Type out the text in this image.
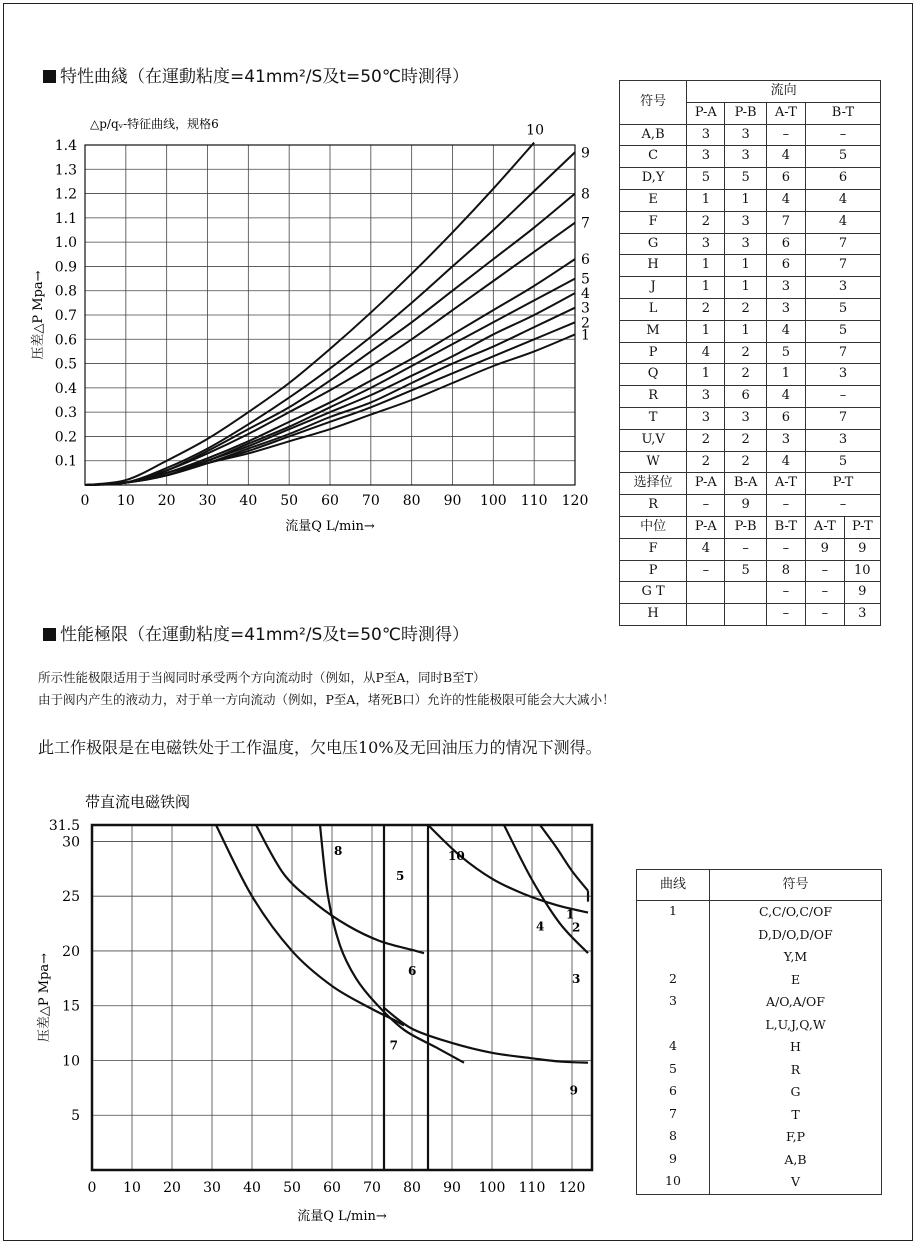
特性曲綫（在運動粘度=41mm²/S及t=50℃時測得）
△p/qᵥ-特征曲线，规格6
0 10 20 30 40 50 60 70 80 90 100 110 120
0.1
0.2
0.3
0.4
0.5
0.6
0.7
0.8
0.9
1.0
1.1
1.2
1.3
1.4
流量Q L/min→
压差△P Mpa→	1
2
3
4
5
6
7
8
9
10
符号	流向				
	P-A	P-B	A-T	B-T	
A,B	3	3	–	–	
C	3	3	4	5	
D,Y	5	5	6	6	
E	1	1	4	4	
F	2	3	7	4	
G	3	3	6	7	
H	1	1	6	7	
J	1	1	3	3	
L	2	2	3	5	
M	1	1	4	5	
P	4	2	5	7	
Q	1	2	1	3	
R	3	6	4	–	
T	3	3	6	7	
U,V	2	2	3	3	
W	2	2	4	5	
选择位	P-A	B-A	A-T	P-T	
R	–	9	–	–	
中位	P-A	P-B	B-T	A-T	P-T
F	4	–	–	9	9
P	–	5	8	–	10
G T			–	–	9
H			–	–	3
性能極限（在運動粘度=41mm²/S及t=50℃時測得）
所示性能极限适用于当阀同时承受两个方向流动时（例如，从P至A，同时B至T）
由于阀内产生的液动力，对于单一方向流动（例如，P至A，堵死B口）允许的性能极限可能会大大减小！
此工作极限是在电磁铁处于工作温度，欠电压10%及无回油压力的情况下测得。
带直流电磁铁阀
0 10 20 30 40 50 60 70 80 90 100 110 120
5
10
15
20
25
30
31.5
流量Q L/min→
压差△P Mpa→
1
2
3
4
5
6
7
8
9
10
曲线	符号
1	C,C/O,C/OF
D,D/O,D/OF
Y,M
2	E
3	A/O,A/OF
L,U,J,Q,W
4	H
5	R
6	G
7	T
8	F,P
9	A,B
10	V
